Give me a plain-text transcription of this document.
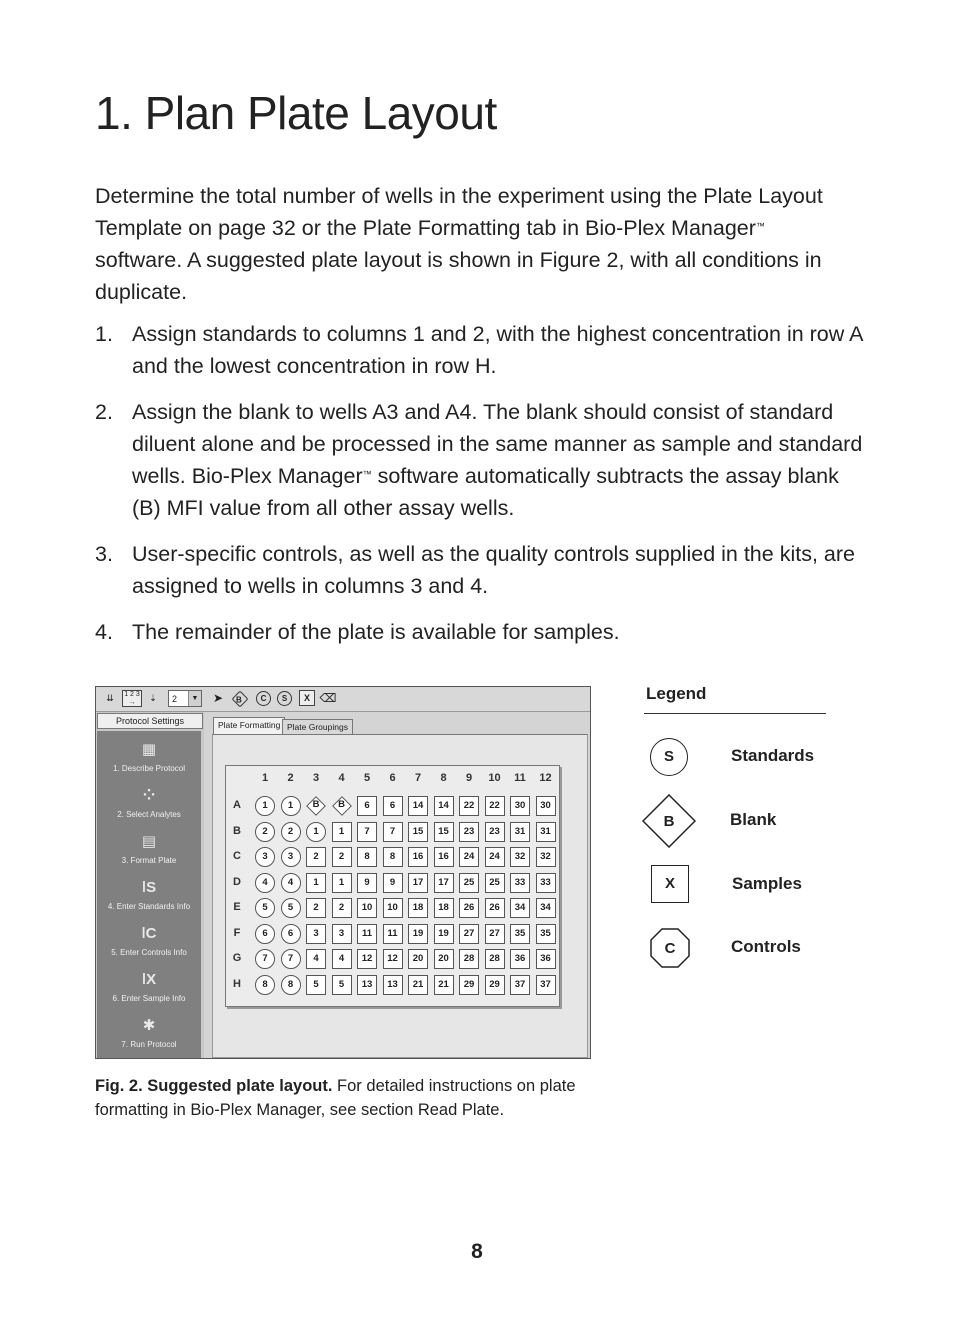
1. Plan Plate Layout

Determine the total number of wells in the experiment using the Plate Layout Template on page 32 or the Plate Formatting tab in Bio-Plex Manager™ software. A suggested plate layout is shown in Figure 2, with all conditions in duplicate.

1. Assign standards to columns 1 and 2, with the highest concentration in row A and the lowest concentration in row H.
2. Assign the blank to wells A3 and A4. The blank should consist of standard diluent alone and be processed in the same manner as sample and standard wells. Bio-Plex Manager™ software automatically subtracts the assay blank (B) MFI value from all other assay wells.
3. User-specific controls, as well as the quality controls supplied in the kits, are assigned to wells in columns 3 and 4.
4. The remainder of the plate is available for samples.
⇊	1 2 3
→	⇣	2	▼ ➤	B	C	S	X ⌫
Protocol Settings
▦
1. Describe Protocol
⁘
2. Select Analytes
▤
3. Format Plate
ǀS
4. Enter Standards Info
ǀC
5. Enter Controls Info
ǀX
6. Enter Sample Info
✱
7. Run Protocol
Plate Formatting Plate Groupings
1	2	3	4	5	6	7	8	9	10	11	12
A	1	1	B	B	6	6	14	14	22	22	30	30
B	2	2	1	1	7	7	15	15	23	23	31	31
C	3	3	2	2	8	8	16	16	24	24	32	32
D	4	4	1	1	9	9	17	17	25	25	33	33
E	5	5	2	2	10	10	18	18	26	26	34	34
F	6	6	3	3	11	11	19	19	27	27	35	35
G	7	7	4	4	12	12	20	20	28	28	36	36
H	8	8	5	5	13	13	21	21	29	29	37	37
Legend
S	Standards
B	Blank
X	Samples
C	Controls

Fig. 2. Suggested plate layout. For detailed instructions on plate formatting in Bio-Plex Manager, see section Read Plate.

8
